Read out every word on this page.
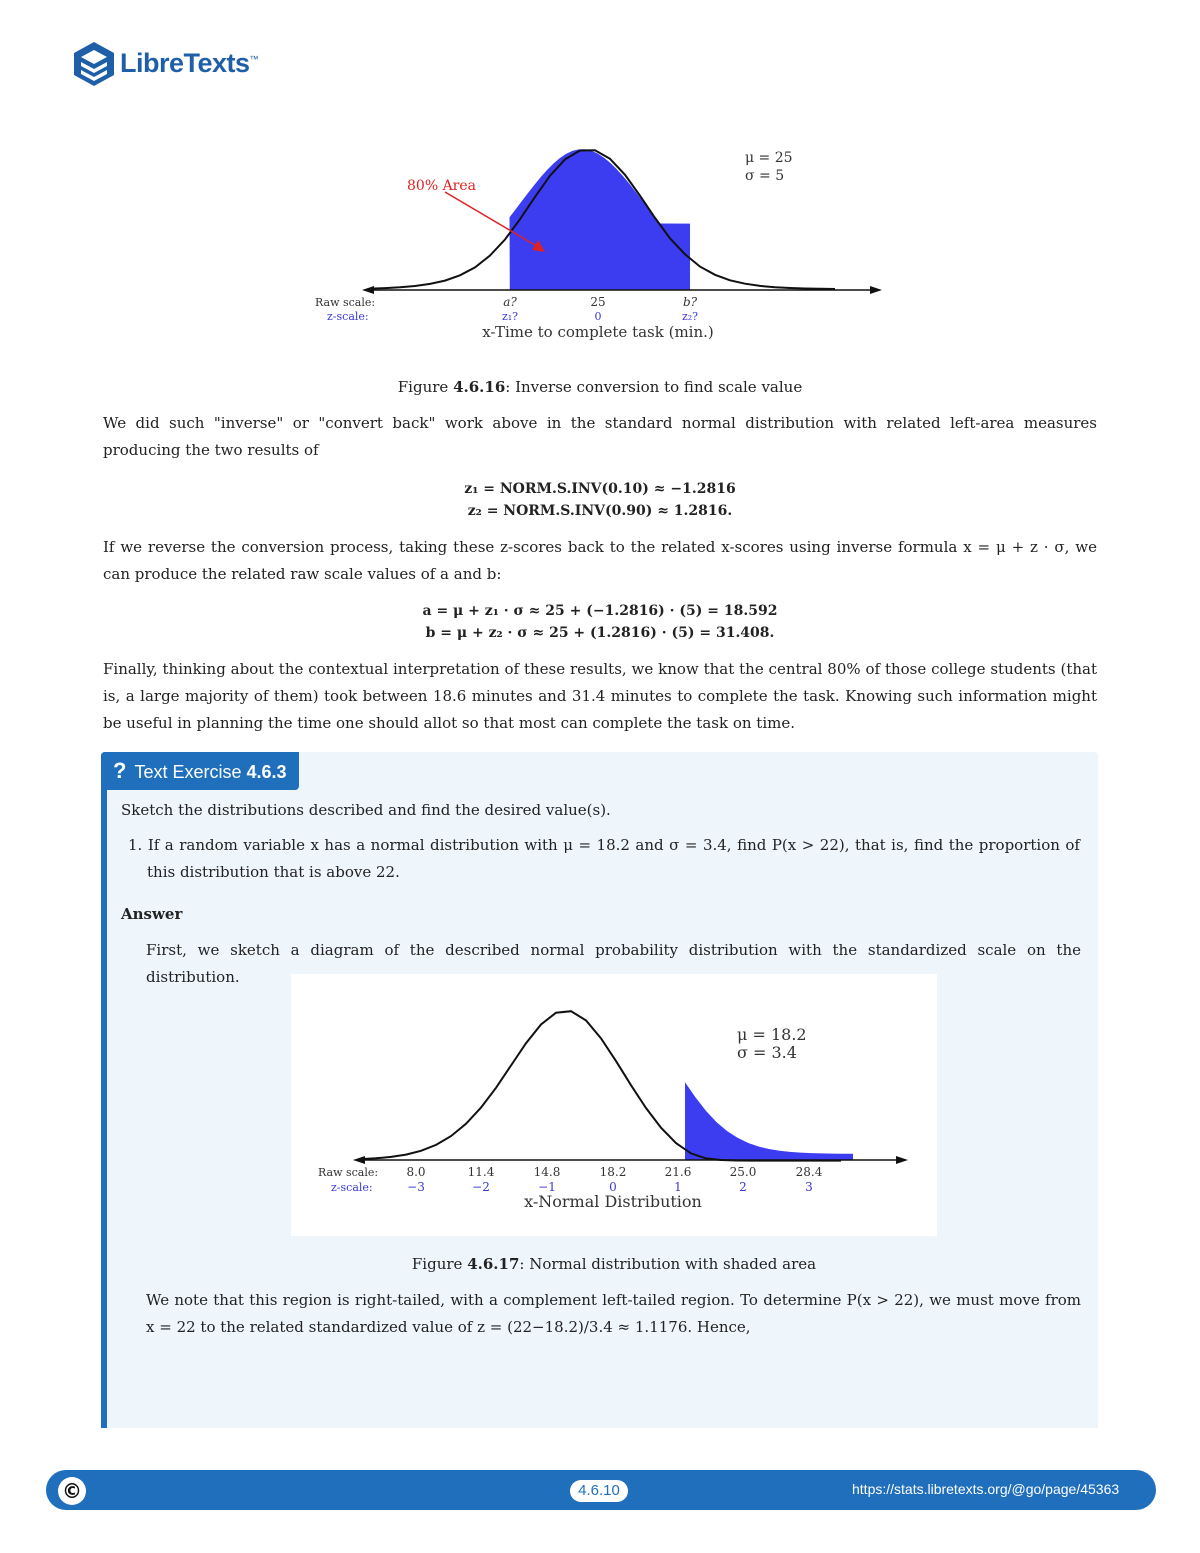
LibreTexts™
80% Area
μ = 25
σ = 5
Raw scale:
z-scale:
a?	25	b?
z₁?	0	z₂?
x-Time to complete task (min.)
Figure 4.6.16: Inverse conversion to find scale value
We did such "inverse" or "convert back" work above in the standard normal distribution with related left-area measures producing the two results of
z₁ = NORM.S.INV(0.10) ≈ −1.2816
z₂ = NORM.S.INV(0.90) ≈ 1.2816.
If we reverse the conversion process, taking these z-scores back to the related x-scores using inverse formula x = μ + z · σ, we can produce the related raw scale values of a and b:
a = μ + z₁ · σ ≈ 25 + (−1.2816) · (5) = 18.592
b = μ + z₂ · σ ≈ 25 + (1.2816) · (5) = 31.408.
Finally, thinking about the contextual interpretation of these results, we know that the central 80% of those college students (that is, a large majority of them) took between 18.6 minutes and 31.4 minutes to complete the task. Knowing such information might be useful in planning the time one should allot so that most can complete the task on time.
? Text Exercise 4.6.3
Sketch the distributions described and find the desired value(s).
1. If a random variable x has a normal distribution with μ = 18.2 and σ = 3.4, find P(x > 22), that is, find the proportion of this distribution that is above 22.
Answer
First, we sketch a diagram of the described normal probability distribution with the standardized scale on the distribution.
μ = 18.2
σ = 3.4
Raw scale:
z-scale:
8.0	11.4	14.8	18.2	21.6	25.0	28.4
−3	−2	−1	0	1	2	3
x-Normal Distribution
Figure 4.6.17: Normal distribution with shaded area
We note that this region is right-tailed, with a complement left-tailed region. To determine P(x > 22), we must move from x = 22 to the related standardized value of z = (22−18.2)/3.4 ≈ 1.1176. Hence,
©	4.6.10	https://stats.libretexts.org/@go/page/45363
